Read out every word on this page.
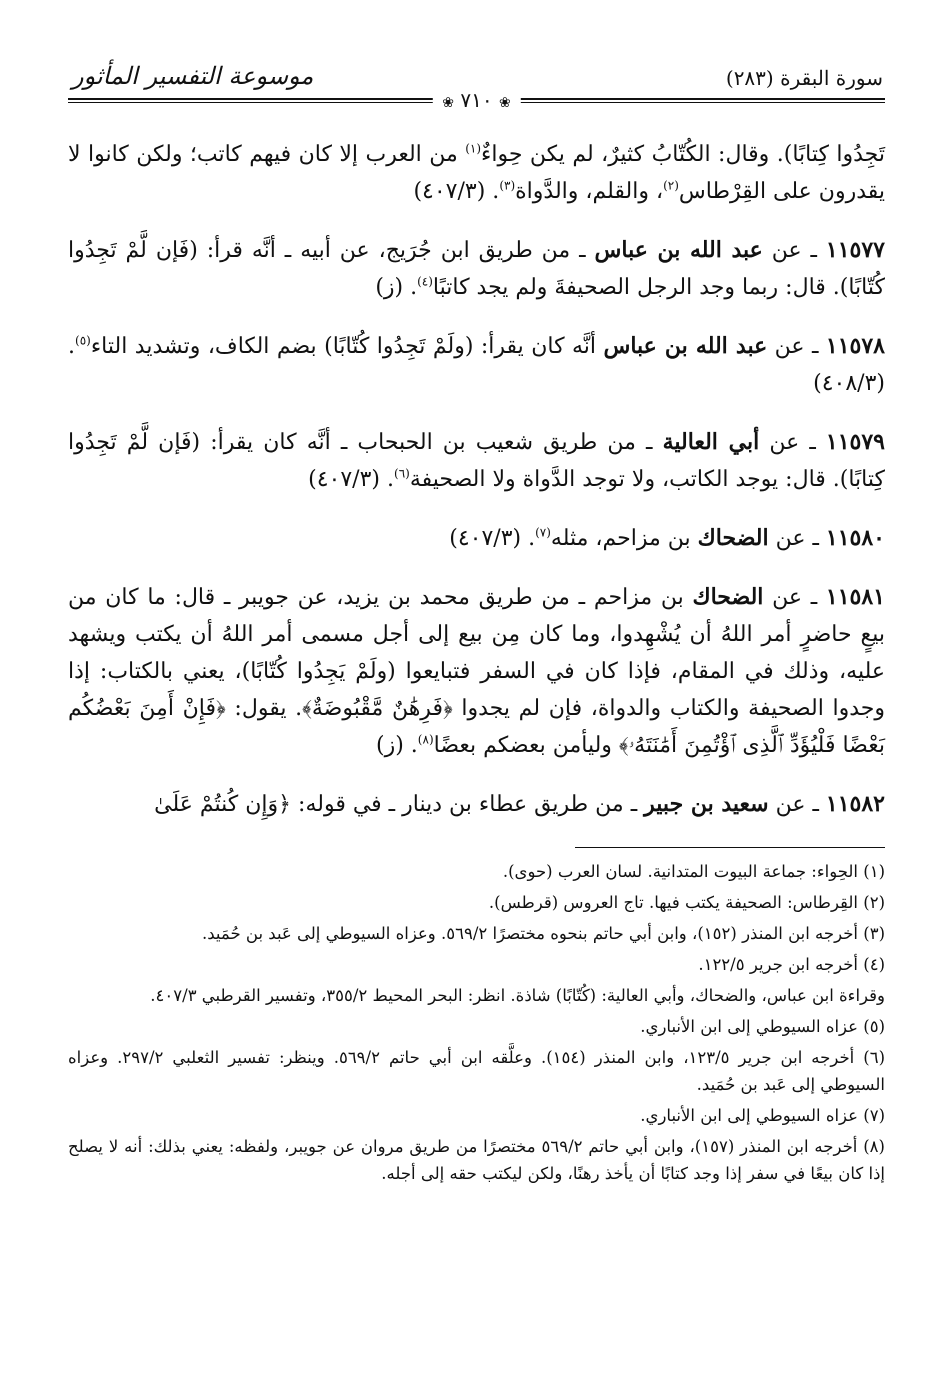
سورة البقرة (٢٨٣)
موسوعة التفسير المأثور
❀ ٧١٠ ❀

تَجِدُوا كِتابًا). وقال: الكُتّابُ كثيرٌ، لم يكن حِواءٌ$^{(١)}$ من العرب إلا كان فيهم كاتب؛ ولكن كانوا لا يقدرون على القِرْطاس$^{(٢)}$، والقلم، والدَّواة$^{(٣)}$. (٤٠٧/٣)

١١٥٧٧ ـ عن عبد الله بن عباس ـ من طريق ابن جُرَيج، عن أبيه ـ أنَّه قرأ: (فَإن لَّمْ تَجِدُوا كُتّابًا). قال: ربما وجد الرجل الصحيفةَ ولم يجد كاتبًا$^{(٤)}$. (ز)

١١٥٧٨ ـ عن عبد الله بن عباس أنَّه كان يقرأ: (ولَمْ تَجِدُوا كُتّابًا) بضم الكاف، وتشديد التاء$^{(٥)}$. (٤٠٨/٣)

١١٥٧٩ ـ عن أبي العالية ـ من طريق شعيب بن الحبحاب ـ أنَّه كان يقرأ: (فَإن لَّمْ تَجِدُوا كِتابًا). قال: يوجد الكاتب، ولا توجد الدَّواة ولا الصحيفة$^{(٦)}$. (٤٠٧/٣)

١١٥٨٠ ـ عن الضحاك بن مزاحم، مثله$^{(٧)}$. (٤٠٧/٣)

١١٥٨١ ـ عن الضحاك بن مزاحم ـ من طريق محمد بن يزيد، عن جويبر ـ قال: ما كان من بيعٍ حاضرٍ أمر اللهُ أن يُشْهِدوا، وما كان مِن بيع إلى أجل مسمى أمر اللهُ أن يكتب ويشهد عليه، وذلك في المقام، فإذا كان في السفر فتبايعوا (ولَمْ يَجِدُوا كُتّابًا)، يعني بالكتاب: إذا وجدوا الصحيفة والكتاب والدواة، فإن لم يجدوا ﴿فَرِهَٰنٌ مَّقْبُوضَةٌ﴾. يقول: ﴿فَإِنْ أَمِنَ بَعْضُكُم بَعْضًا فَلْيُؤَدِّ ٱلَّذِى ٱؤْتُمِنَ أَمَٰنَتَهُۥ﴾ وليأمن بعضكم بعضًا$^{(٨)}$. (ز)

١١٥٨٢ ـ عن سعيد بن جبير ـ من طريق عطاء بن دينار ـ في قوله: ﴿وَإِن كُنتُمْ عَلَىٰ

(١) الحِواء: جماعة البيوت المتدانية. لسان العرب (حوى).
(٢) القِرطاس: الصحيفة يكتب فيها. تاج العروس (قرطس).
(٣) أخرجه ابن المنذر (١٥٢)، وابن أبي حاتم بنحوه مختصرًا ٥٦٩/٢. وعزاه السيوطي إلى عَبد بن حُمَيد.
(٤) أخرجه ابن جرير ١٢٢/٥.
وقراءة ابن عباس، والضحاك، وأبي العالية: (كُتّابًا) شاذة. انظر: البحر المحيط ٣٥٥/٢، وتفسير القرطبي ٤٠٧/٣.
(٥) عزاه السيوطي إلى ابن الأنباري.
(٦) أخرجه ابن جرير ١٢٣/٥، وابن المنذر (١٥٤). وعلَّقه ابن أبي حاتم ٥٦٩/٢. وينظر: تفسير الثعلبي ٢٩٧/٢. وعزاه السيوطي إلى عَبد بن حُمَيد.
(٧) عزاه السيوطي إلى ابن الأنباري.
(٨) أخرجه ابن المنذر (١٥٧)، وابن أبي حاتم ٥٦٩/٢ مختصرًا من طريق مروان عن جويبر، ولفظه: يعني بذلك: أنه لا يصلح إذا كان بيعًا في سفر إذا وجد كتابًا أن يأخذ رهنًا، ولكن ليكتب حقه إلى أجله.
